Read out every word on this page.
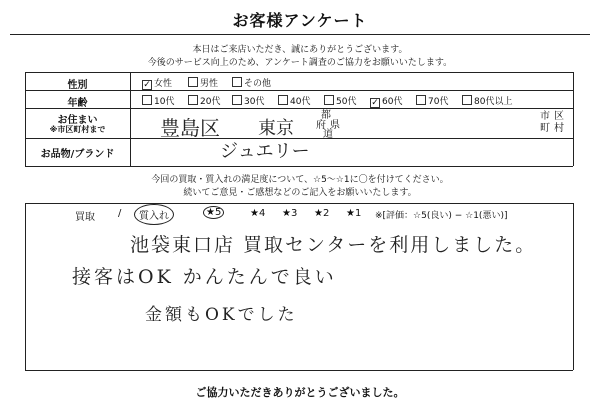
お客様アンケート
本日はご来店いただき、誠にありがとうございます。
今後のサービス向上のため、アンケート調査のご協力をお願いいたします。
性別	✓ 女性	男性	その他
年齢	10代	20代	30代	40代	50代 ✓ 60代	70代	80代以上
お住まい
※市区町村まで	豊島区 東京
都
府 県
道
市 区
町 村
お品物/ブランド	ジュエリー
今回の買取・質入れの満足度について、☆5〜☆1に〇を付けてください。
続いてご意見・ご感想などのご記入をお願いいたします。
買取 /	質入れ	★5	★4 ★3 ★2 ★1 ※[評価：☆5(良い) − ☆1(悪い)]
池袋東口店 買取センターを利用しました。
接客はOK かんたんで良い
金額もOKでした
ご協力いただきありがとうございました。
